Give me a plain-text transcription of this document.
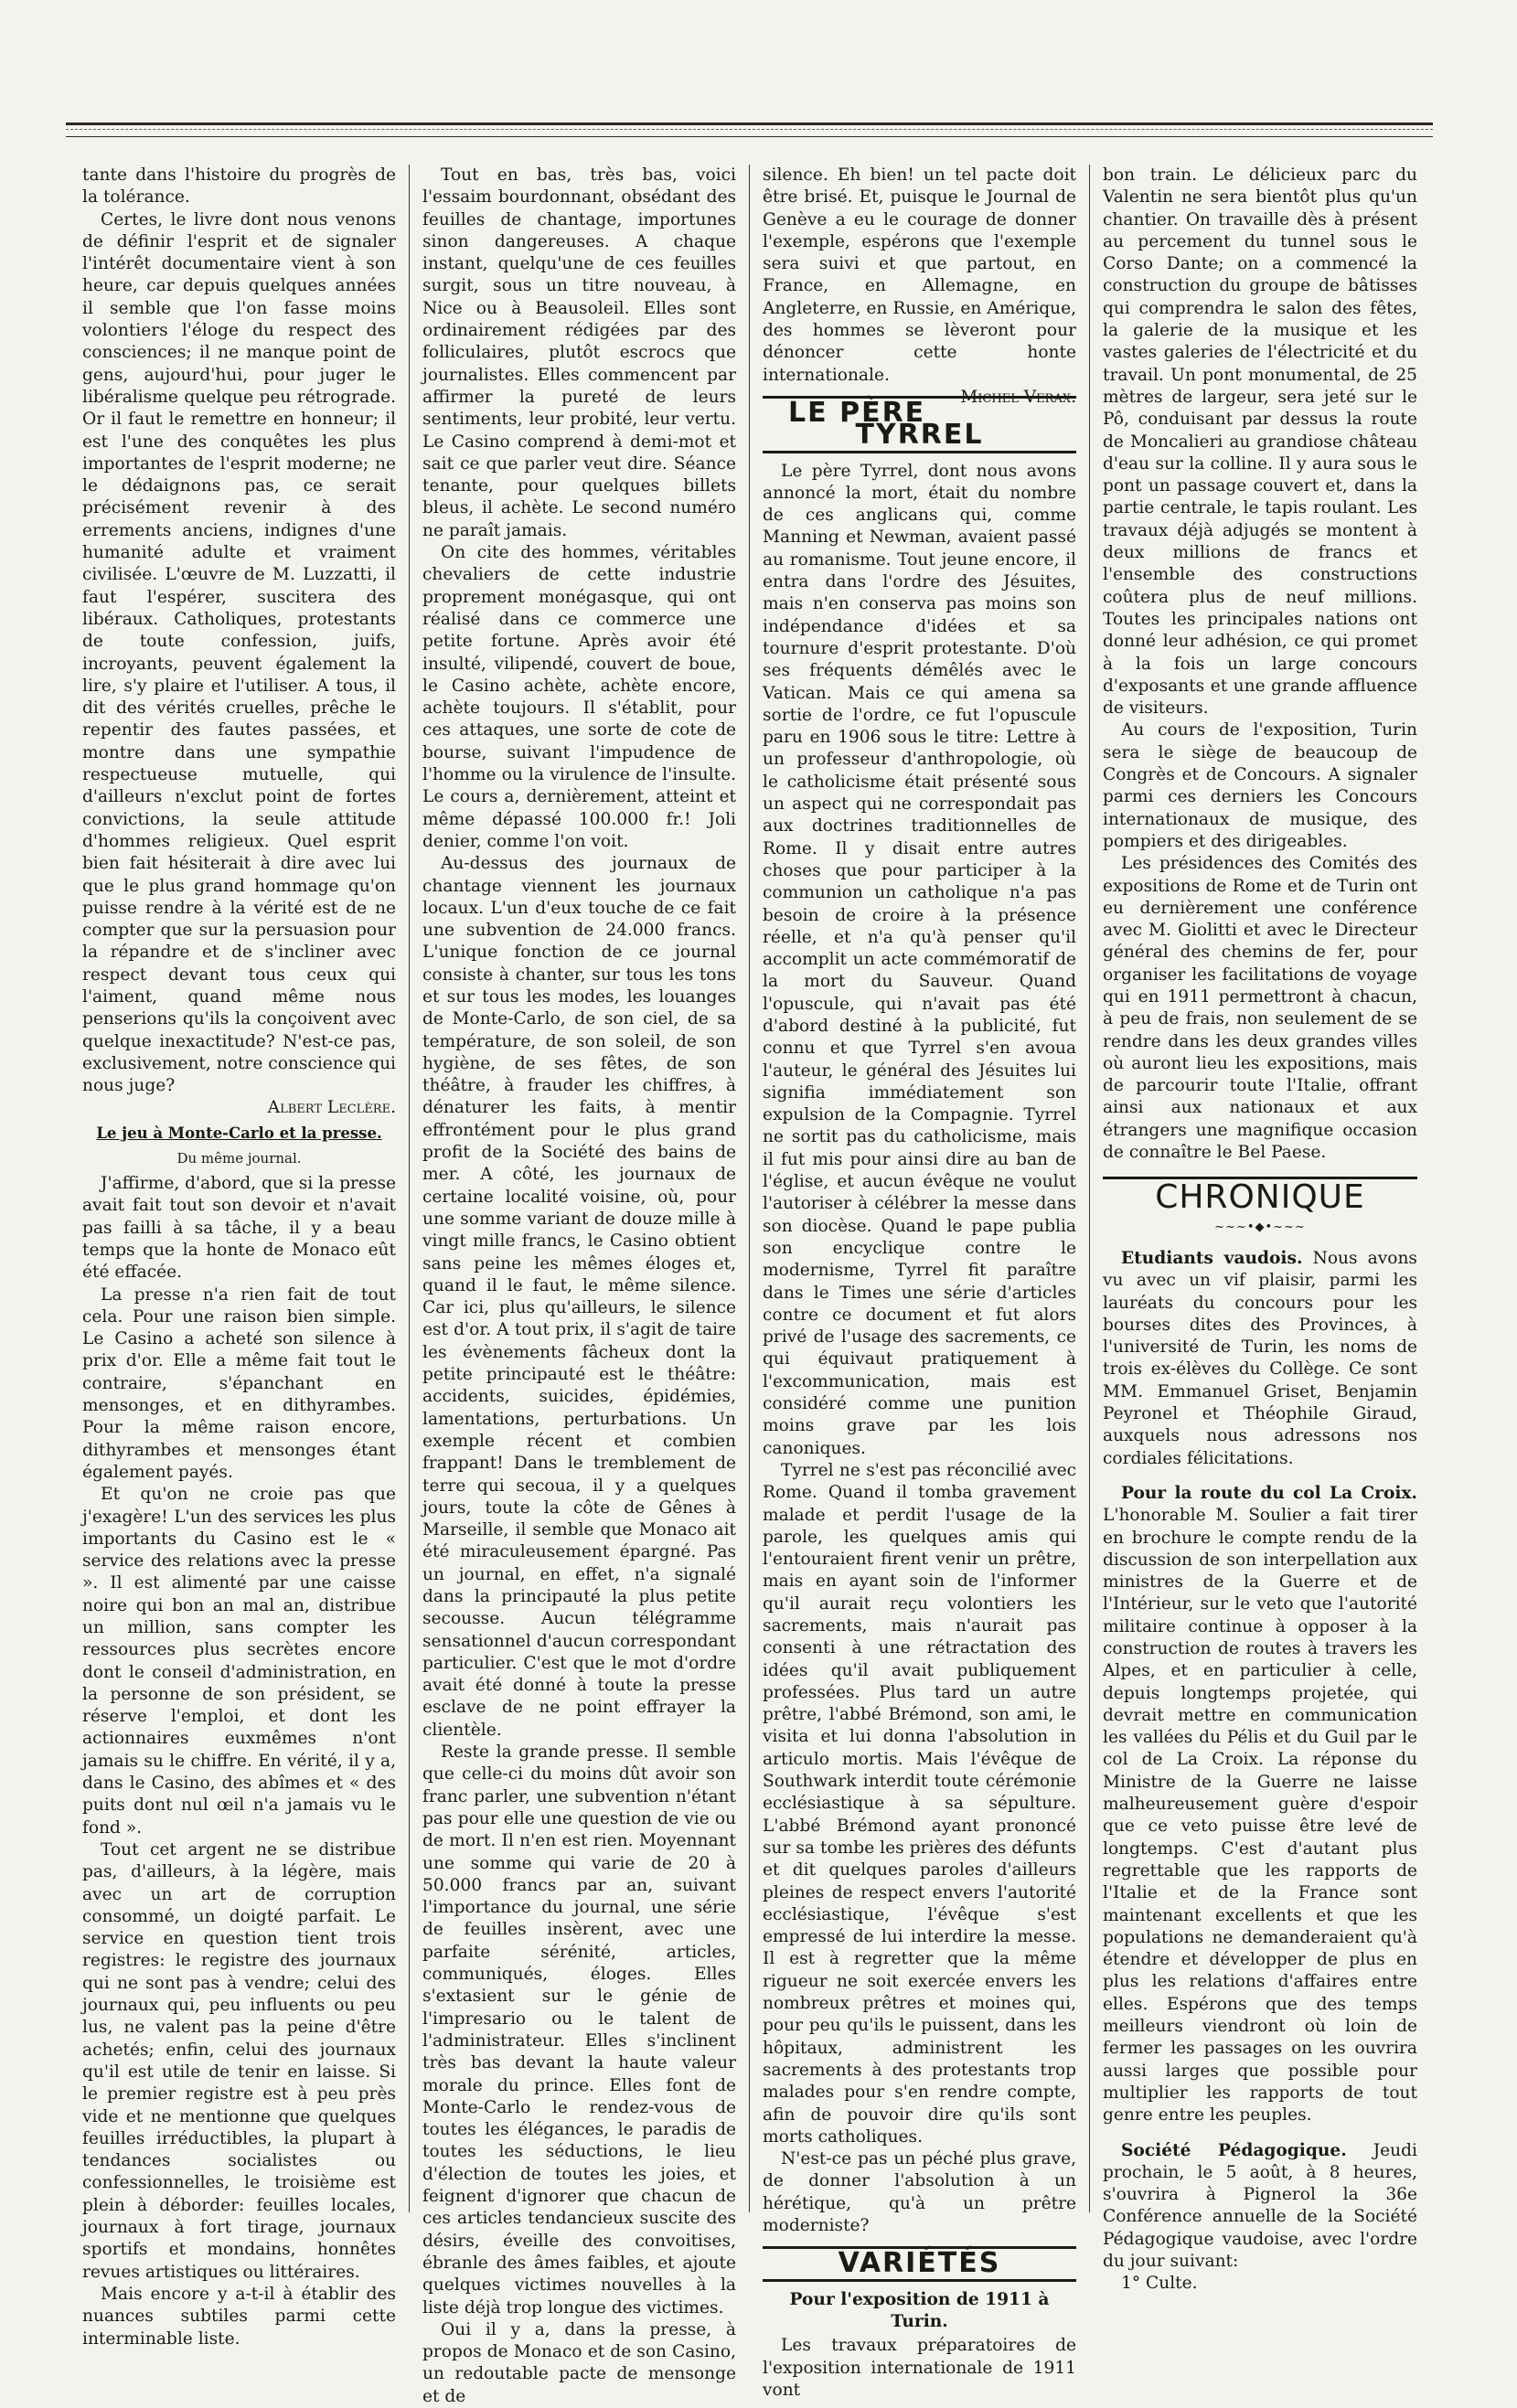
tante dans l'histoire du progrès de la tolérance.

Certes, le livre dont nous venons de définir l'esprit et de signaler l'intérêt documentaire vient à son heure, car depuis quelques années il semble que l'on fasse moins volontiers l'éloge du respect des consciences; il ne manque point de gens, aujourd'hui, pour juger le libéralisme quelque peu rétrograde. Or il faut le remettre en honneur; il est l'une des conquêtes les plus importantes de l'esprit moderne; ne le dédaignons pas, ce serait précisément revenir à des errements anciens, indignes d'une humanité adulte et vraiment civilisée. L'œuvre de M. Luzzatti, il faut l'espérer, suscitera des libéraux. Catholiques, protestants de toute confession, juifs, incroyants, peuvent également la lire, s'y plaire et l'utiliser. A tous, il dit des vérités cruelles, prêche le repentir des fautes passées, et montre dans une sympathie respectueuse mutuelle, qui d'ailleurs n'exclut point de fortes convictions, la seule attitude d'hommes religieux. Quel esprit bien fait hésiterait à dire avec lui que le plus grand hommage qu'on puisse rendre à la vérité est de ne compter que sur la persuasion pour la répandre et de s'incliner avec respect devant tous ceux qui l'aiment, quand même nous penserions qu'ils la conçoivent avec quelque inexactitude? N'est-ce pas, exclusivement, notre conscience qui nous juge?

Albert Leclère.

Le jeu à Monte-Carlo et la presse.
Du même journal.

J'affirme, d'abord, que si la presse avait fait tout son devoir et n'avait pas failli à sa tâche, il y a beau temps que la honte de Monaco eût été effacée.

La presse n'a rien fait de tout cela. Pour une raison bien simple. Le Casino a acheté son silence à prix d'or. Elle a même fait tout le contraire, s'épanchant en mensonges, et en dithyrambes. Pour la même raison encore, dithyrambes et mensonges étant également payés.

Et qu'on ne croie pas que j'exagère! L'un des services les plus importants du Casino est le « service des relations avec la presse ». Il est alimenté par une caisse noire qui bon an mal an, distribue un million, sans compter les ressources plus secrètes encore dont le conseil d'administration, en la personne de son président, se réserve l'emploi, et dont les actionnaires euxmêmes n'ont jamais su le chiffre. En vérité, il y a, dans le Casino, des abîmes et « des puits dont nul œil n'a jamais vu le fond ».

Tout cet argent ne se distribue pas, d'ailleurs, à la légère, mais avec un art de corruption consommé, un doigté parfait. Le service en question tient trois registres: le registre des journaux qui ne sont pas à vendre; celui des journaux qui, peu influents ou peu lus, ne valent pas la peine d'être achetés; enfin, celui des journaux qu'il est utile de tenir en laisse. Si le premier registre est à peu près vide et ne mentionne que quelques feuilles irréductibles, la plupart à tendances socialistes ou confessionnelles, le troisième est plein à déborder: feuilles locales, journaux à fort tirage, journaux sportifs et mondains, honnêtes revues artistiques ou littéraires.

Mais encore y a-t-il à établir des nuances subtiles parmi cette interminable liste.

Tout en bas, très bas, voici l'essaim bourdonnant, obsédant des feuilles de chantage, importunes sinon dangereuses. A chaque instant, quelqu'une de ces feuilles surgit, sous un titre nouveau, à Nice ou à Beausoleil. Elles sont ordinairement rédigées par des folliculaires, plutôt escrocs que journalistes. Elles commencent par affirmer la pureté de leurs sentiments, leur probité, leur vertu. Le Casino comprend à demi-mot et sait ce que parler veut dire. Séance tenante, pour quelques billets bleus, il achète. Le second numéro ne paraît jamais.

On cite des hommes, véritables chevaliers de cette industrie proprement monégasque, qui ont réalisé dans ce commerce une petite fortune. Après avoir été insulté, vilipendé, couvert de boue, le Casino achète, achète encore, achète toujours. Il s'établit, pour ces attaques, une sorte de cote de bourse, suivant l'impudence de l'homme ou la virulence de l'insulte. Le cours a, dernièrement, atteint et même dépassé 100.000 fr.! Joli denier, comme l'on voit.

Au-dessus des journaux de chantage viennent les journaux locaux. L'un d'eux touche de ce fait une subvention de 24.000 francs. L'unique fonction de ce journal consiste à chanter, sur tous les tons et sur tous les modes, les louanges de Monte-Carlo, de son ciel, de sa température, de son soleil, de son hygiène, de ses fêtes, de son théâtre, à frauder les chiffres, à dénaturer les faits, à mentir effrontément pour le plus grand profit de la Société des bains de mer. A côté, les journaux de certaine localité voisine, où, pour une somme variant de douze mille à vingt mille francs, le Casino obtient sans peine les mêmes éloges et, quand il le faut, le même silence. Car ici, plus qu'ailleurs, le silence est d'or. A tout prix, il s'agit de taire les évènements fâcheux dont la petite principauté est le théâtre: accidents, suicides, épidémies, lamentations, perturbations. Un exemple récent et combien frappant! Dans le tremblement de terre qui secoua, il y a quelques jours, toute la côte de Gênes à Marseille, il semble que Monaco ait été miraculeusement épargné. Pas un journal, en effet, n'a signalé dans la principauté la plus petite secousse. Aucun télégramme sensationnel d'aucun correspondant particulier. C'est que le mot d'ordre avait été donné à toute la presse esclave de ne point effrayer la clientèle.

Reste la grande presse. Il semble que celle-ci du moins dût avoir son franc parler, une subvention n'étant pas pour elle une question de vie ou de mort. Il n'en est rien. Moyennant une somme qui varie de 20 à 50.000 francs par an, suivant l'importance du journal, une série de feuilles insèrent, avec une parfaite sérénité, articles, communiqués, éloges. Elles s'extasient sur le génie de l'impresario ou le talent de l'administrateur. Elles s'inclinent très bas devant la haute valeur morale du prince. Elles font de Monte-Carlo le rendez-vous de toutes les élégances, le paradis de toutes les séductions, le lieu d'élection de toutes les joies, et feignent d'ignorer que chacun de ces articles tendancieux suscite des désirs, éveille des convoitises, ébranle des âmes faibles, et ajoute quelques victimes nouvelles à la liste déjà trop longue des victimes.

Oui il y a, dans la presse, à propos de Monaco et de son Casino, un redoutable pacte de mensonge et de

silence. Eh bien! un tel pacte doit être brisé. Et, puisque le Journal de Genève a eu le courage de donner l'exemple, espérons que l'exemple sera suivi et que partout, en France, en Allemagne, en Angleterre, en Russie, en Amérique, des hommes se lèveront pour dénoncer cette honte internationale.

Michel Verax.

LE PÈRE TYRREL

Le père Tyrrel, dont nous avons annoncé la mort, était du nombre de ces anglicans qui, comme Manning et Newman, avaient passé au romanisme. Tout jeune encore, il entra dans l'ordre des Jésuites, mais n'en conserva pas moins son indépendance d'idées et sa tournure d'esprit protestante. D'où ses fréquents démêlés avec le Vatican. Mais ce qui amena sa sortie de l'ordre, ce fut l'opuscule paru en 1906 sous le titre: Lettre à un professeur d'anthropologie, où le catholicisme était présenté sous un aspect qui ne correspondait pas aux doctrines traditionnelles de Rome. Il y disait entre autres choses que pour participer à la communion un catholique n'a pas besoin de croire à la présence réelle, et n'a qu'à penser qu'il accomplit un acte commémoratif de la mort du Sauveur. Quand l'opuscule, qui n'avait pas été d'abord destiné à la publicité, fut connu et que Tyrrel s'en avoua l'auteur, le général des Jésuites lui signifia immédiatement son expulsion de la Compagnie. Tyrrel ne sortit pas du catholicisme, mais il fut mis pour ainsi dire au ban de l'église, et aucun évêque ne voulut l'autoriser à célébrer la messe dans son diocèse. Quand le pape publia son encyclique contre le modernisme, Tyrrel fit paraître dans le Times une série d'articles contre ce document et fut alors privé de l'usage des sacrements, ce qui équivaut pratiquement à l'excommunication, mais est considéré comme une punition moins grave par les lois canoniques.

Tyrrel ne s'est pas réconcilié avec Rome. Quand il tomba gravement malade et perdit l'usage de la parole, les quelques amis qui l'entouraient firent venir un prêtre, mais en ayant soin de l'informer qu'il aurait reçu volontiers les sacrements, mais n'aurait pas consenti à une rétractation des idées qu'il avait publiquement professées. Plus tard un autre prêtre, l'abbé Brémond, son ami, le visita et lui donna l'absolution in articulo mortis. Mais l'évêque de Southwark interdit toute cérémonie ecclésiastique à sa sépulture. L'abbé Brémond ayant prononcé sur sa tombe les prières des défunts et dit quelques paroles d'ailleurs pleines de respect envers l'autorité ecclésiastique, l'évêque s'est empressé de lui interdire la messe. Il est à regretter que la même rigueur ne soit exercée envers les nombreux prêtres et moines qui, pour peu qu'ils le puissent, dans les hôpitaux, administrent les sacrements à des protestants trop malades pour s'en rendre compte, afin de pouvoir dire qu'ils sont morts catholiques.

N'est-ce pas un péché plus grave, de donner l'absolution à un hérétique, qu'à un prêtre moderniste?

VARIÉTÉS
Pour l'exposition de 1911 à Turin.

Les travaux préparatoires de l'exposition internationale de 1911 vont

bon train. Le délicieux parc du Valentin ne sera bientôt plus qu'un chantier. On travaille dès à présent au percement du tunnel sous le Corso Dante; on a commencé la construction du groupe de bâtisses qui comprendra le salon des fêtes, la galerie de la musique et les vastes galeries de l'électricité et du travail. Un pont monumental, de 25 mètres de largeur, sera jeté sur le Pô, conduisant par dessus la route de Moncalieri au grandiose château d'eau sur la colline. Il y aura sous le pont un passage couvert et, dans la partie centrale, le tapis roulant. Les travaux déjà adjugés se montent à deux millions de francs et l'ensemble des constructions coûtera plus de neuf millions. Toutes les principales nations ont donné leur adhésion, ce qui promet à la fois un large concours d'exposants et une grande affluence de visiteurs.

Au cours de l'exposition, Turin sera le siège de beaucoup de Congrès et de Concours. A signaler parmi ces derniers les Concours internationaux de musique, des pompiers et des dirigeables.

Les présidences des Comités des expositions de Rome et de Turin ont eu dernièrement une conférence avec M. Giolitti et avec le Directeur général des chemins de fer, pour organiser les facilitations de voyage qui en 1911 permettront à chacun, à peu de frais, non seulement de se rendre dans les deux grandes villes où auront lieu les expositions, mais de parcourir toute l'Italie, offrant ainsi aux nationaux et aux étrangers une magnifique occasion de connaître le Bel Paese.

CHRONIQUE
~~~•◆•~~~

Etudiants vaudois. Nous avons vu avec un vif plaisir, parmi les lauréats du concours pour les bourses dites des Provinces, à l'université de Turin, les noms de trois ex-élèves du Collège. Ce sont MM. Emmanuel Griset, Benjamin Peyronel et Théophile Giraud, auxquels nous adressons nos cordiales félicitations.

Pour la route du col La Croix. L'honorable M. Soulier a fait tirer en brochure le compte rendu de la discussion de son interpellation aux ministres de la Guerre et de l'Intérieur, sur le veto que l'autorité militaire continue à opposer à la construction de routes à travers les Alpes, et en particulier à celle, depuis longtemps projetée, qui devrait mettre en communication les vallées du Pélis et du Guil par le col de La Croix. La réponse du Ministre de la Guerre ne laisse malheureusement guère d'espoir que ce veto puisse être levé de longtemps. C'est d'autant plus regrettable que les rapports de l'Italie et de la France sont maintenant excellents et que les populations ne demanderaient qu'à étendre et développer de plus en plus les relations d'affaires entre elles. Espérons que des temps meilleurs viendront où loin de fermer les passages on les ouvrira aussi larges que possible pour multiplier les rapports de tout genre entre les peuples.

Société Pédagogique. Jeudi prochain, le 5 août, à 8 heures, s'ouvrira à Pignerol la 36e Conférence annuelle de la Société Pédagogique vaudoise, avec l'ordre du jour suivant:

1° Culte.
